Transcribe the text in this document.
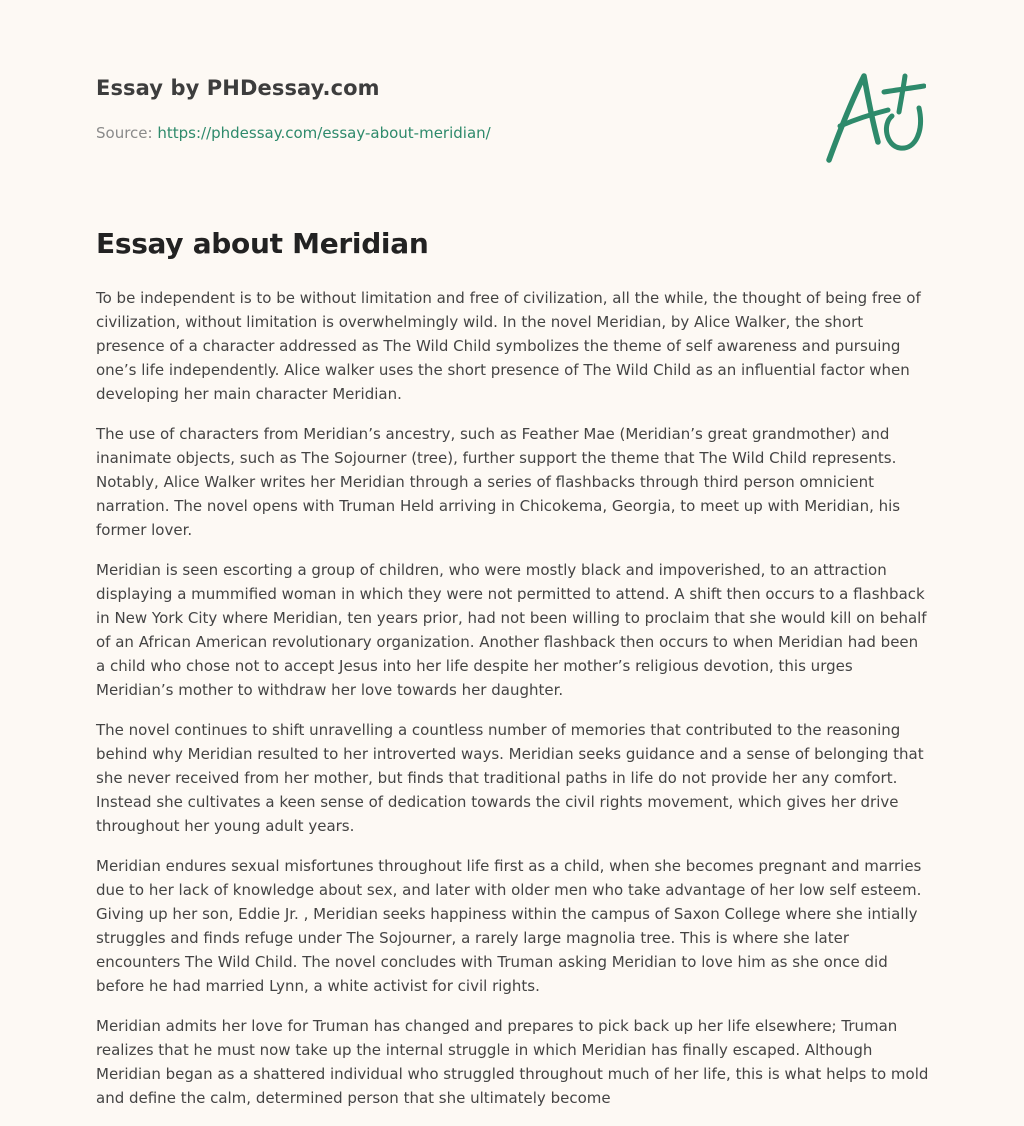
Essay by PHDessay.com
Source: https://phdessay.com/essay-about-meridian/
Essay about Meridian

To be independent is to be without limitation and free of civilization, all the while, the thought of being free of civilization, without limitation is overwhelmingly wild. In the novel Meridian, by Alice Walker, the short presence of a character addressed as The Wild Child symbolizes the theme of self awareness and pursuing one’s life independently. Alice walker uses the short presence of The Wild Child as an influential factor when developing her main character Meridian.

The use of characters from Meridian’s ancestry, such as Feather Mae (Meridian’s great grandmother) and inanimate objects, such as The Sojourner (tree), further support the theme that The Wild Child represents. Notably, Alice Walker writes her Meridian through a series of flashbacks through third person omnicient narration. The novel opens with Truman Held arriving in Chicokema, Georgia, to meet up with Meridian, his former lover.

Meridian is seen escorting a group of children, who were mostly black and impoverished, to an attraction displaying a mummified woman in which they were not permitted to attend. A shift then occurs to a flashback in New York City where Meridian, ten years prior, had not been willing to proclaim that she would kill on behalf of an African American revolutionary organization. Another flashback then occurs to when Meridian had been a child who chose not to accept Jesus into her life despite her mother’s religious devotion, this urges Meridian’s mother to withdraw her love towards her daughter.

The novel continues to shift unravelling a countless number of memories that contributed to the reasoning behind why Meridian resulted to her introverted ways. Meridian seeks guidance and a sense of belonging that she never received from her mother, but finds that traditional paths in life do not provide her any comfort. Instead she cultivates a keen sense of dedication towards the civil rights movement, which gives her drive throughout her young adult years.

Meridian endures sexual misfortunes throughout life first as a child, when she becomes pregnant and marries due to her lack of knowledge about sex, and later with older men who take advantage of her low self esteem. Giving up her son, Eddie Jr. , Meridian seeks happiness within the campus of Saxon College where she intially struggles and finds refuge under The Sojourner, a rarely large magnolia tree. This is where she later encounters The Wild Child. The novel concludes with Truman asking Meridian to love him as she once did before he had married Lynn, a white activist for civil rights.

Meridian admits her love for Truman has changed and prepares to pick back up her life elsewhere; Truman realizes that he must now take up the internal struggle in which Meridian has finally escaped. Although Meridian began as a shattered individual who struggled throughout much of her life, this is what helps to mold and define the calm, determined person that she ultimately become
